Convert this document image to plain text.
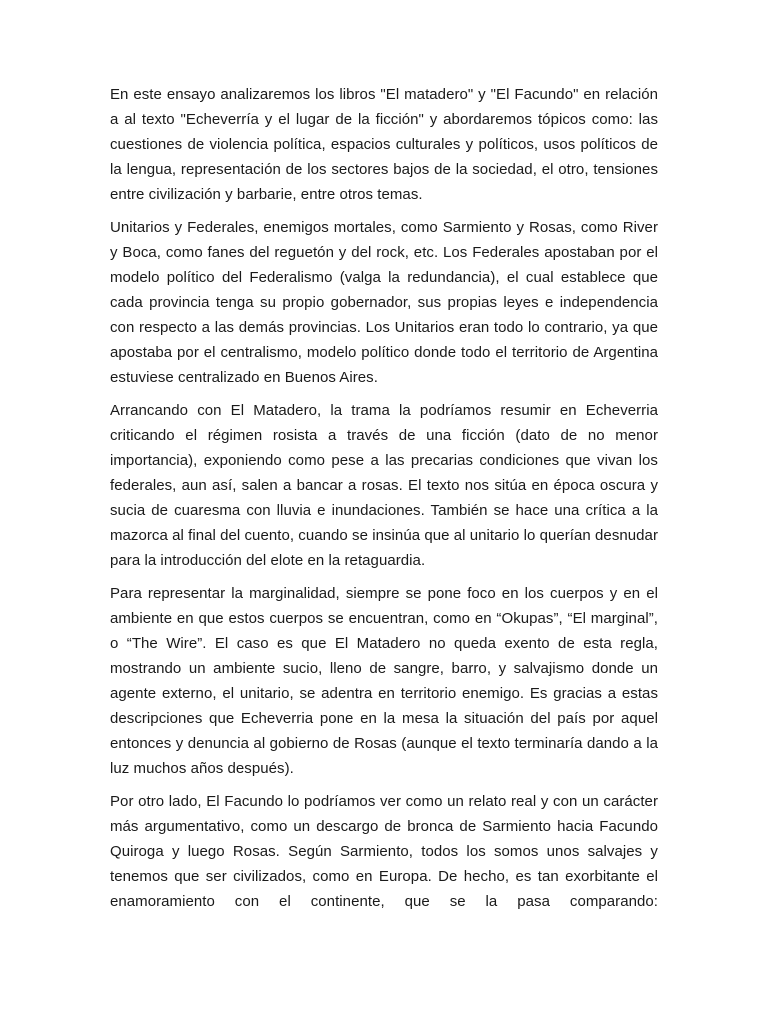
En este ensayo analizaremos los libros "El matadero" y "El Facundo" en relación a al texto "Echeverría y el lugar de la ficción" y abordaremos tópicos como: las cuestiones de violencia política, espacios culturales y políticos, usos políticos de la lengua, representación de los sectores bajos de la sociedad, el otro, tensiones entre civilización y barbarie, entre otros temas.

Unitarios y Federales, enemigos mortales, como Sarmiento y Rosas, como River y Boca, como fanes del reguetón y del rock, etc. Los Federales apostaban por el modelo político del Federalismo (valga la redundancia), el cual establece que cada provincia tenga su propio gobernador, sus propias leyes e independencia con respecto a las demás provincias. Los Unitarios eran todo lo contrario, ya que apostaba por el centralismo, modelo político donde todo el territorio de Argentina estuviese centralizado en Buenos Aires.

Arrancando con El Matadero, la trama la podríamos resumir en Echeverria criticando el régimen rosista a través de una ficción (dato de no menor importancia), exponiendo como pese a las precarias condiciones que vivan los federales, aun así, salen a bancar a rosas. El texto nos sitúa en época oscura y sucia de cuaresma con lluvia e inundaciones. También se hace una crítica a la mazorca al final del cuento, cuando se insinúa que al unitario lo querían desnudar para la introducción del elote en la retaguardia.

Para representar la marginalidad, siempre se pone foco en los cuerpos y en el ambiente en que estos cuerpos se encuentran, como en “Okupas”, “El marginal”, o “The Wire”. El caso es que El Matadero no queda exento de esta regla, mostrando un ambiente sucio, lleno de sangre, barro, y salvajismo donde un agente externo, el unitario, se adentra en territorio enemigo. Es gracias a estas descripciones que Echeverria pone en la mesa la situación del país por aquel entonces y denuncia al gobierno de Rosas (aunque el texto terminaría dando a la luz muchos años después).

Por otro lado, El Facundo lo podríamos ver como un relato real y con un carácter más argumentativo, como un descargo de bronca de Sarmiento hacia Facundo Quiroga y luego Rosas. Según Sarmiento, todos los somos unos salvajes y tenemos que ser civilizados, como en Europa. De hecho, es tan exorbitante el enamoramiento con el continente, que se la pasa comparando:
